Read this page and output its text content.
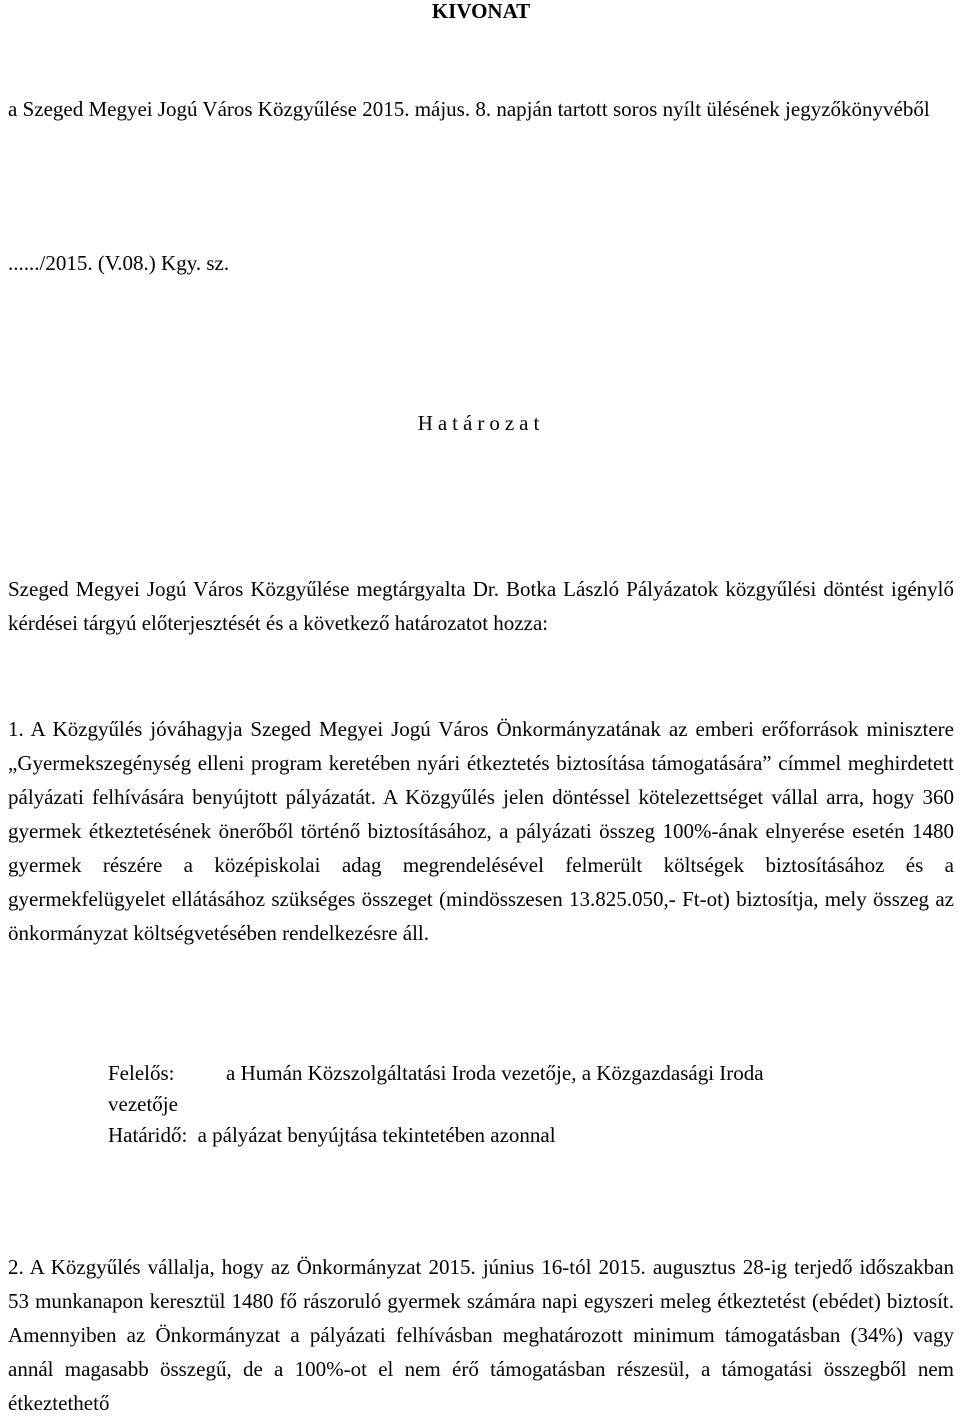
KIVONAT

a Szeged Megyei Jogú Város Közgyűlése 2015. május. 8. napján tartott soros nyílt ülésének jegyzőkönyvéből

....../2015. (V.08.) Kgy. sz.

Határozat

Szeged Megyei Jogú Város Közgyűlése megtárgyalta Dr. Botka László Pályázatok közgyűlési döntést igénylő kérdései tárgyú előterjesztését és a következő határozatot hozza:

1. A Közgyűlés jóváhagyja Szeged Megyei Jogú Város Önkormányzatának az emberi erőforrások minisztere „Gyermekszegénység elleni program keretében nyári étkeztetés biztosítása támogatására” címmel meghirdetett pályázati felhívására benyújtott pályázatát. A Közgyűlés jelen döntéssel kötelezettséget vállal arra, hogy 360 gyermek étkeztetésének önerőből történő biztosításához, a pályázati összeg 100%-ának elnyerése esetén 1480 gyermek részére a középiskolai adag megrendelésével felmerült költségek biztosításához és a gyermekfelügyelet ellátásához szükséges összeget (mindösszesen 13.825.050,- Ft-ot) biztosítja, mely összeg az önkormányzat költségvetésében rendelkezésre áll.

Felelős:	a Humán Közszolgáltatási Iroda vezetője, a Közgazdasági Iroda
vezetője
Határidő: a pályázat benyújtása tekintetében azonnal

2. A Közgyűlés vállalja, hogy az Önkormányzat 2015. június 16-tól 2015. augusztus 28-ig terjedő időszakban 53 munkanapon keresztül 1480 fő rászoruló gyermek számára napi egyszeri meleg étkeztetést (ebédet) biztosít. Amennyiben az Önkormányzat a pályázati felhívásban meghatározott minimum támogatásban (34%) vagy annál magasabb összegű, de a 100%-ot el nem érő támogatásban részesül, a támogatási összegből nem étkeztethető
